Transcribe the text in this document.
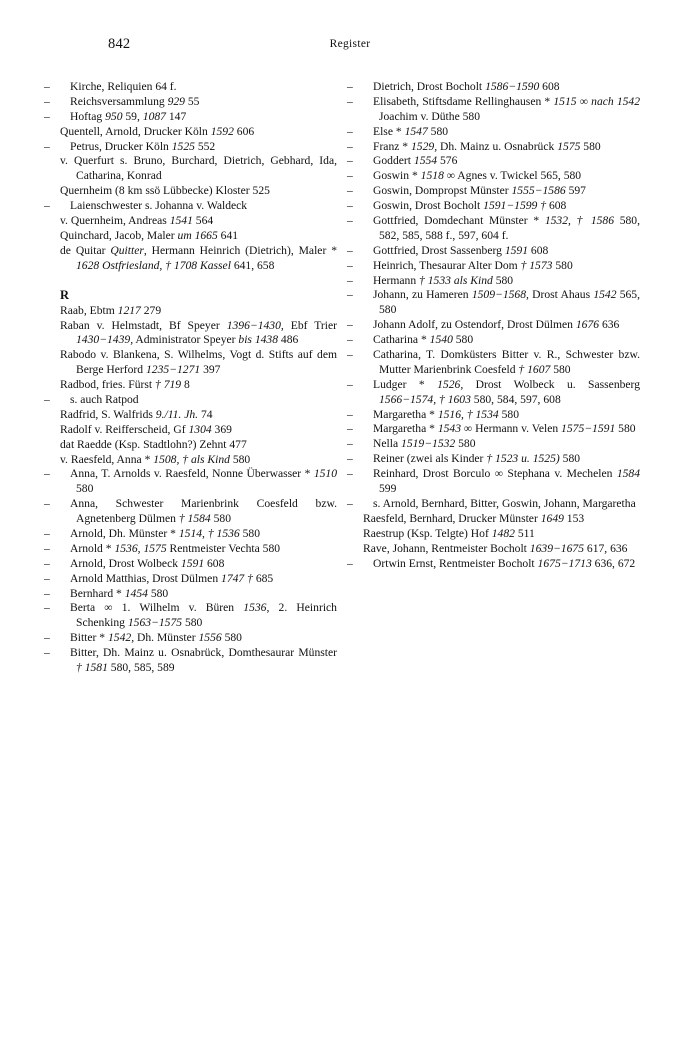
842	Register
– Kirche, Reliquien 64 f.
– Reichsversammlung 929 55
– Hoftag 950 59, 1087 147
Quentell, Arnold, Drucker Köln 1592 606
– Petrus, Drucker Köln 1525 552
v. Querfurt s. Bruno, Burchard, Dietrich, Gebhard, Ida, Catharina, Konrad
Quernheim (8 km ssö Lübbecke) Kloster 525
– Laienschwester s. Johanna v. Waldeck
v. Quernheim, Andreas 1541 564
Quinchard, Jacob, Maler um 1665 641
de Quitar Quitter, Hermann Heinrich (Dietrich), Maler * 1628 Ostfriesland, † 1708 Kassel 641, 658
R
Raab, Ebtm 1217 279
Raban v. Helmstadt, Bf Speyer 1396−1430, Ebf Trier 1430−1439, Administrator Speyer bis 1438 486
Rabodo v. Blankena, S. Wilhelms, Vogt d. Stifts auf dem Berge Herford 1235−1271 397
Radbod, fries. Fürst † 719 8
– s. auch Ratpod
Radfrid, S. Walfrids 9./11. Jh. 74
Radolf v. Reifferscheid, Gf 1304 369
dat Raedde (Ksp. Stadtlohn?) Zehnt 477
v. Raesfeld, Anna * 1508, † als Kind 580
– Anna, T. Arnolds v. Raesfeld, Nonne Überwasser * 1510 580
– Anna, Schwester Marienbrink Coesfeld bzw. Agnetenberg Dülmen † 1584 580
– Arnold, Dh. Münster * 1514, † 1536 580
– Arnold * 1536, 1575 Rentmeister Vechta 580
– Arnold, Drost Wolbeck 1591 608
– Arnold Matthias, Drost Dülmen 1747 † 685
– Bernhard * 1454 580
– Berta ∞ 1. Wilhelm v. Büren 1536, 2. Heinrich Schenking 1563−1575 580
– Bitter * 1542, Dh. Münster 1556 580
– Bitter, Dh. Mainz u. Osnabrück, Domthesaurar Münster † 1581 580, 585, 589
– Dietrich, Drost Bocholt 1586−1590 608
– Elisabeth, Stiftsdame Rellinghausen * 1515 ∞ nach 1542 Joachim v. Düthe 580
– Else * 1547 580
– Franz * 1529, Dh. Mainz u. Osnabrück 1575 580
– Goddert 1554 576
– Goswin * 1518 ∞ Agnes v. Twickel 565, 580
– Goswin, Dompropst Münster 1555−1586 597
– Goswin, Drost Bocholt 1591−1599 † 608
– Gottfried, Domdechant Münster * 1532, † 1586 580, 582, 585, 588 f., 597, 604 f.
– Gottfried, Drost Sassenberg 1591 608
– Heinrich, Thesaurar Alter Dom † 1573 580
– Hermann † 1533 als Kind 580
– Johann, zu Hameren 1509−1568, Drost Ahaus 1542 565, 580
– Johann Adolf, zu Ostendorf, Drost Dülmen 1676 636
– Catharina * 1540 580
– Catharina, T. Domküsters Bitter v. R., Schwester bzw. Mutter Marienbrink Coesfeld † 1607 580
– Ludger * 1526, Drost Wolbeck u. Sassenberg 1566−1574, † 1603 580, 584, 597, 608
– Margaretha * 1516, † 1534 580
– Margaretha * 1543 ∞ Hermann v. Velen 1575−1591 580
– Nella 1519−1532 580
– Reiner (zwei als Kinder † 1523 u. 1525) 580
– Reinhard, Drost Borculo ∞ Stephana v. Mechelen 1584 599
– s. Arnold, Bernhard, Bitter, Goswin, Johann, Margaretha
Raesfeld, Bernhard, Drucker Münster 1649 153
Raestrup (Ksp. Telgte) Hof 1482 511
Rave, Johann, Rentmeister Bocholt 1639−1675 617, 636
– Ortwin Ernst, Rentmeister Bocholt 1675−1713 636, 672
